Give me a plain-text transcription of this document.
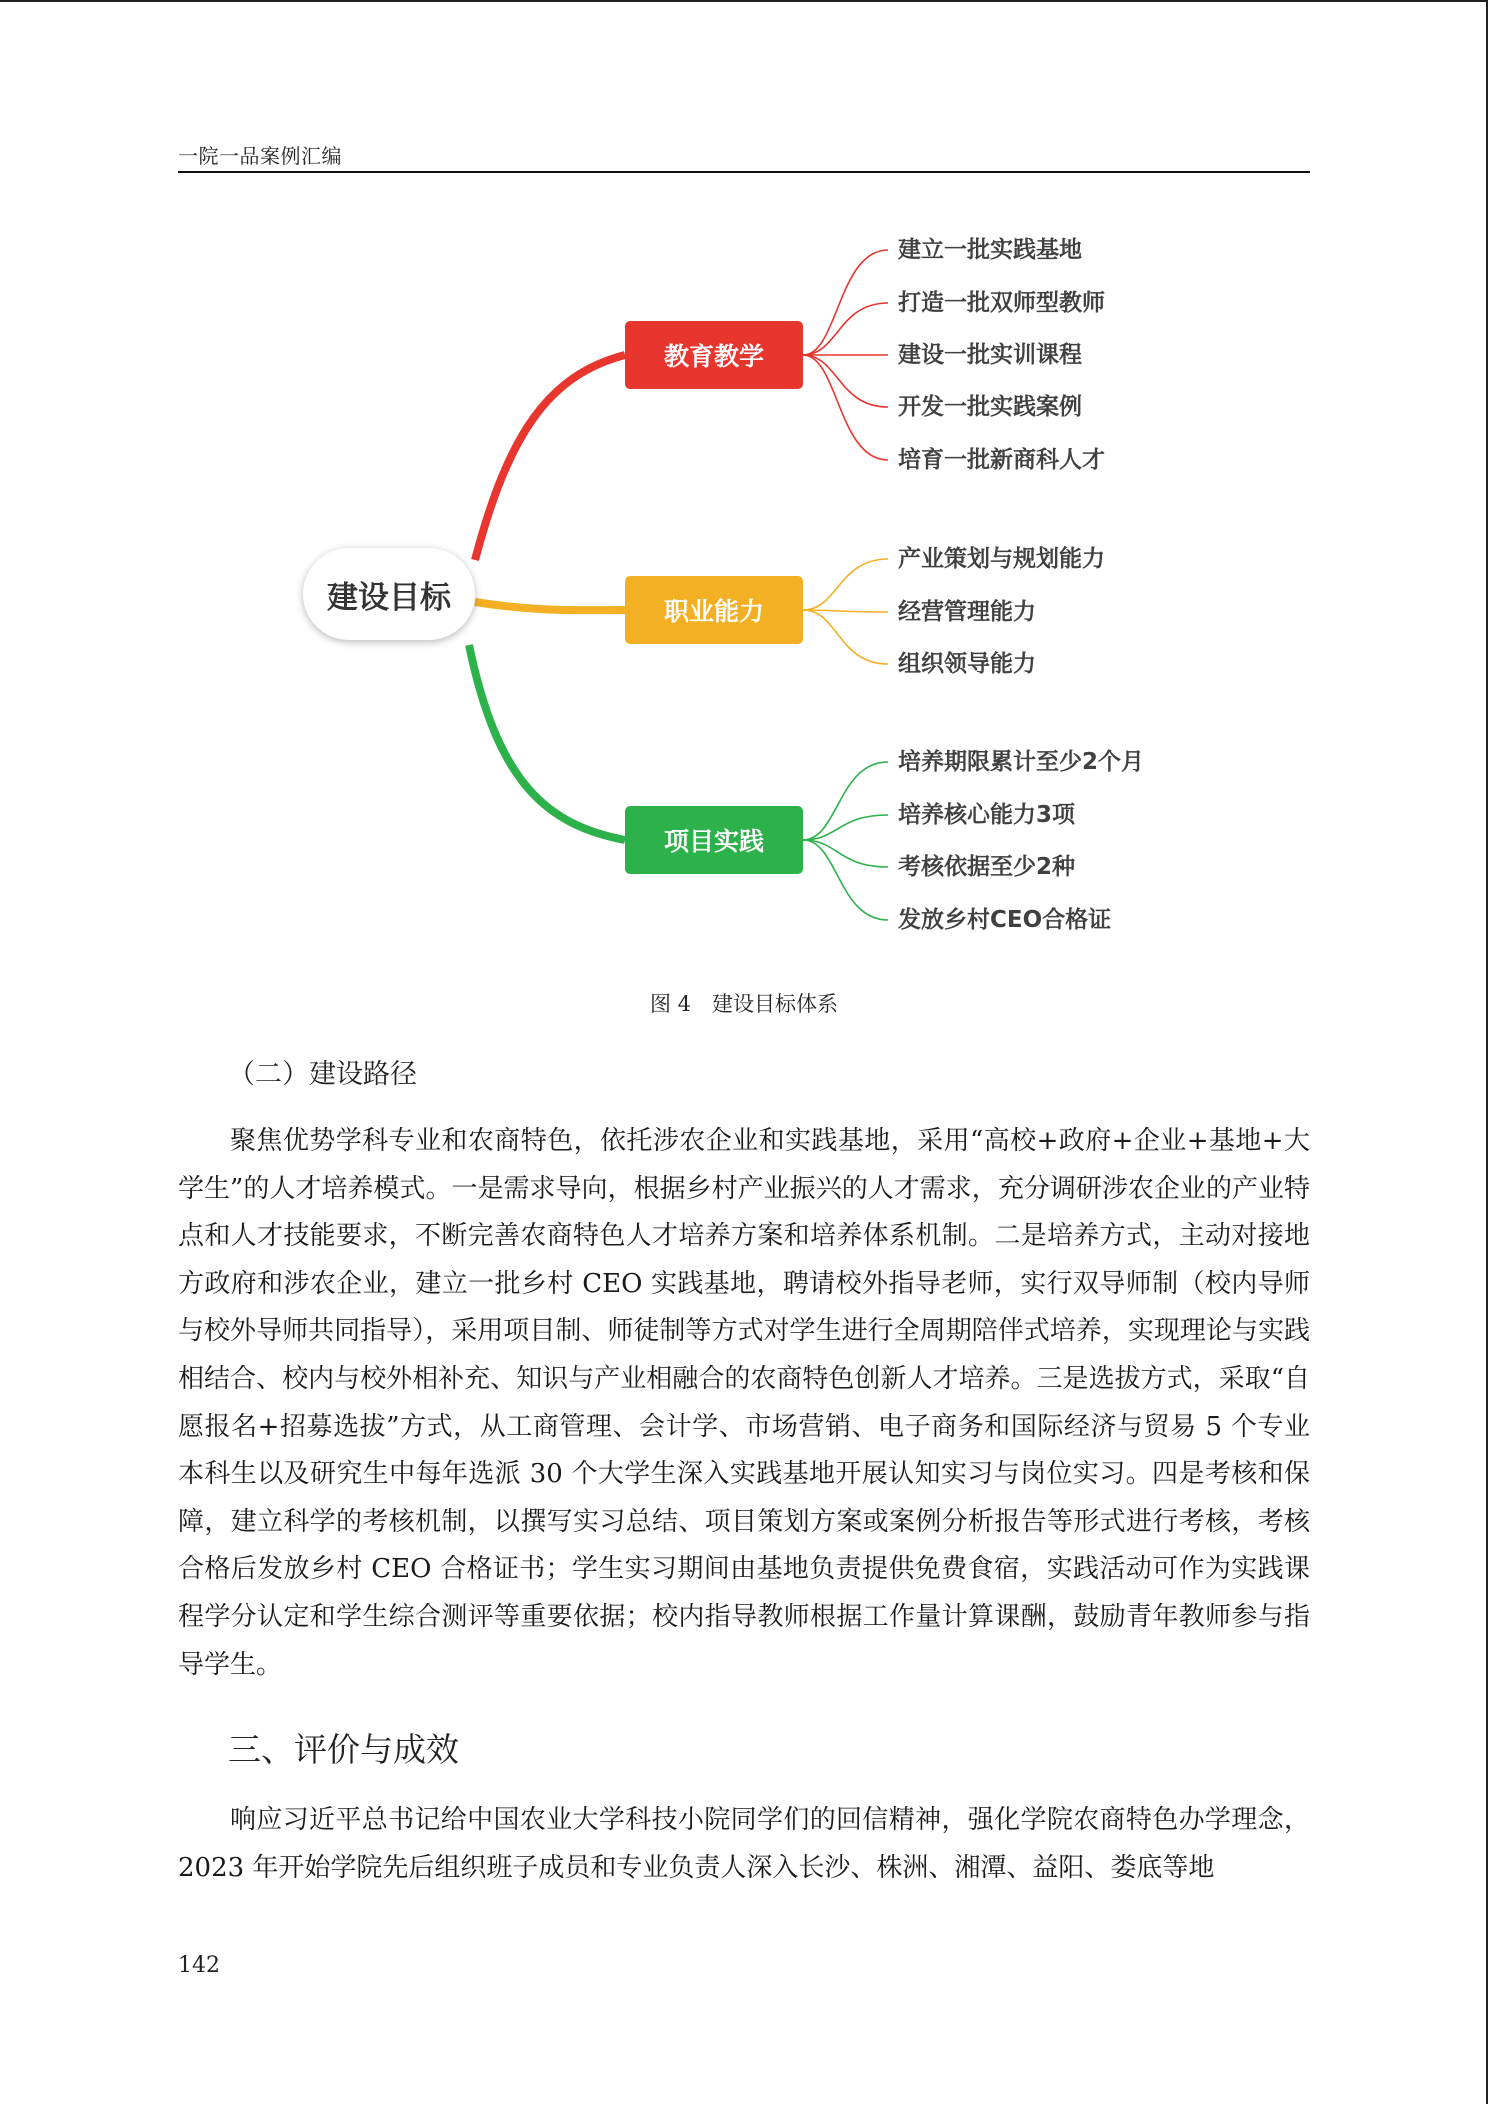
一院一品案例汇编
建设目标
教育教学
职业能力
项目实践
建立一批实践基地
打造一批双师型教师
建设一批实训课程
开发一批实践案例
培育一批新商科人才
产业策划与规划能力
经营管理能力
组织领导能力
培养期限累计至少2个月
培养核心能力3项
考核依据至少2种
发放乡村CEO合格证
图 4　建设目标体系
（二）建设路径

聚焦优势学科专业和农商特色，依托涉农企业和实践基地，采用“高校+政府+企业+基地+大学生”的人才培养模式。一是需求导向，根据乡村产业振兴的人才需求，充分调研涉农企业的产业特点和人才技能要求，不断完善农商特色人才培养方案和培养体系机制。二是培养方式，主动对接地方政府和涉农企业，建立一批乡村 CEO 实践基地，聘请校外指导老师，实行双导师制（校内导师与校外导师共同指导），采用项目制、师徒制等方式对学生进行全周期陪伴式培养，实现理论与实践相结合、校内与校外相补充、知识与产业相融合的农商特色创新人才培养。三是选拔方式，采取“自愿报名+招募选拔”方式，从工商管理、会计学、市场营销、电子商务和国际经济与贸易 5 个专业本科生以及研究生中每年选派 30 个大学生深入实践基地开展认知实习与岗位实习。四是考核和保障，建立科学的考核机制，以撰写实习总结、项目策划方案或案例分析报告等形式进行考核，考核合格后发放乡村 CEO 合格证书；学生实习期间由基地负责提供免费食宿，实践活动可作为实践课程学分认定和学生综合测评等重要依据；校内指导教师根据工作量计算课酬，鼓励青年教师参与指导学生。

三、评价与成效

响应习近平总书记给中国农业大学科技小院同学们的回信精神，强化学院农商特色办学理念，2023 年开始学院先后组织班子成员和专业负责人深入长沙、株洲、湘潭、益阳、娄底等地

142
